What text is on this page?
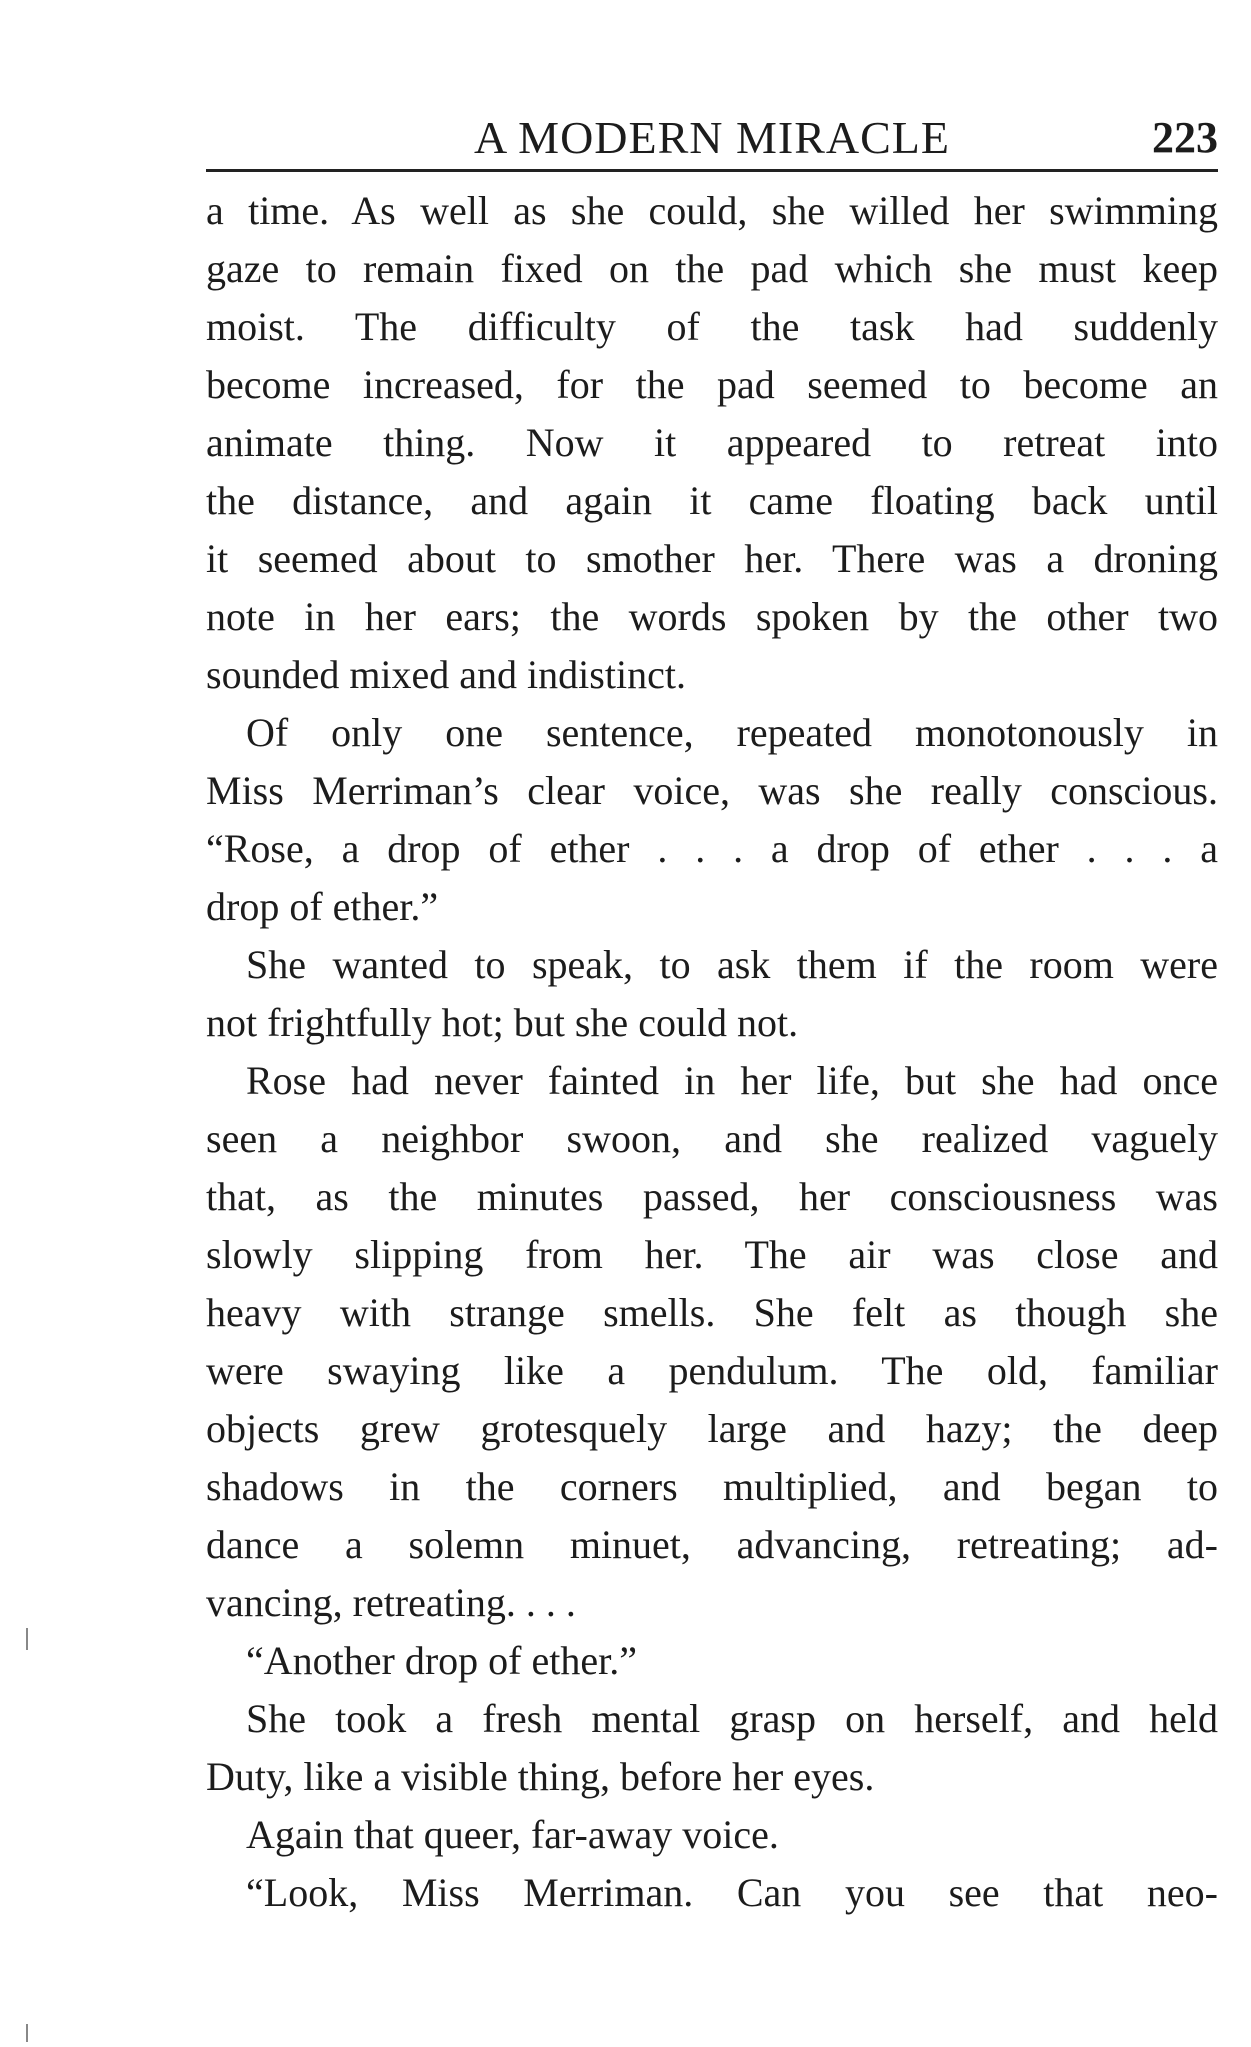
A MODERN MIRACLE	223
a time. As well as she could, she willed her swimming
gaze to remain fixed on the pad which she must keep
moist. The difficulty of the task had suddenly
become increased, for the pad seemed to become an
animate thing. Now it appeared to retreat into
the distance, and again it came floating back until
it seemed about to smother her. There was a droning
note in her ears; the words spoken by the other two
sounded mixed and indistinct.
Of only one sentence, repeated monotonously in
Miss Merriman’s clear voice, was she really conscious.
“Rose, a drop of ether . . . a drop of ether . . . a
drop of ether.”
She wanted to speak, to ask them if the room were
not frightfully hot; but she could not.
Rose had never fainted in her life, but she had once
seen a neighbor swoon, and she realized vaguely
that, as the minutes passed, her consciousness was
slowly slipping from her. The air was close and
heavy with strange smells. She felt as though she
were swaying like a pendulum. The old, familiar
objects grew grotesquely large and hazy; the deep
shadows in the corners multiplied, and began to
dance a solemn minuet, advancing, retreating; ad-
vancing, retreating. . . .
“Another drop of ether.”
She took a fresh mental grasp on herself, and held
Duty, like a visible thing, before her eyes.
Again that queer, far-away voice.
“Look, Miss Merriman. Can you see that neo-
